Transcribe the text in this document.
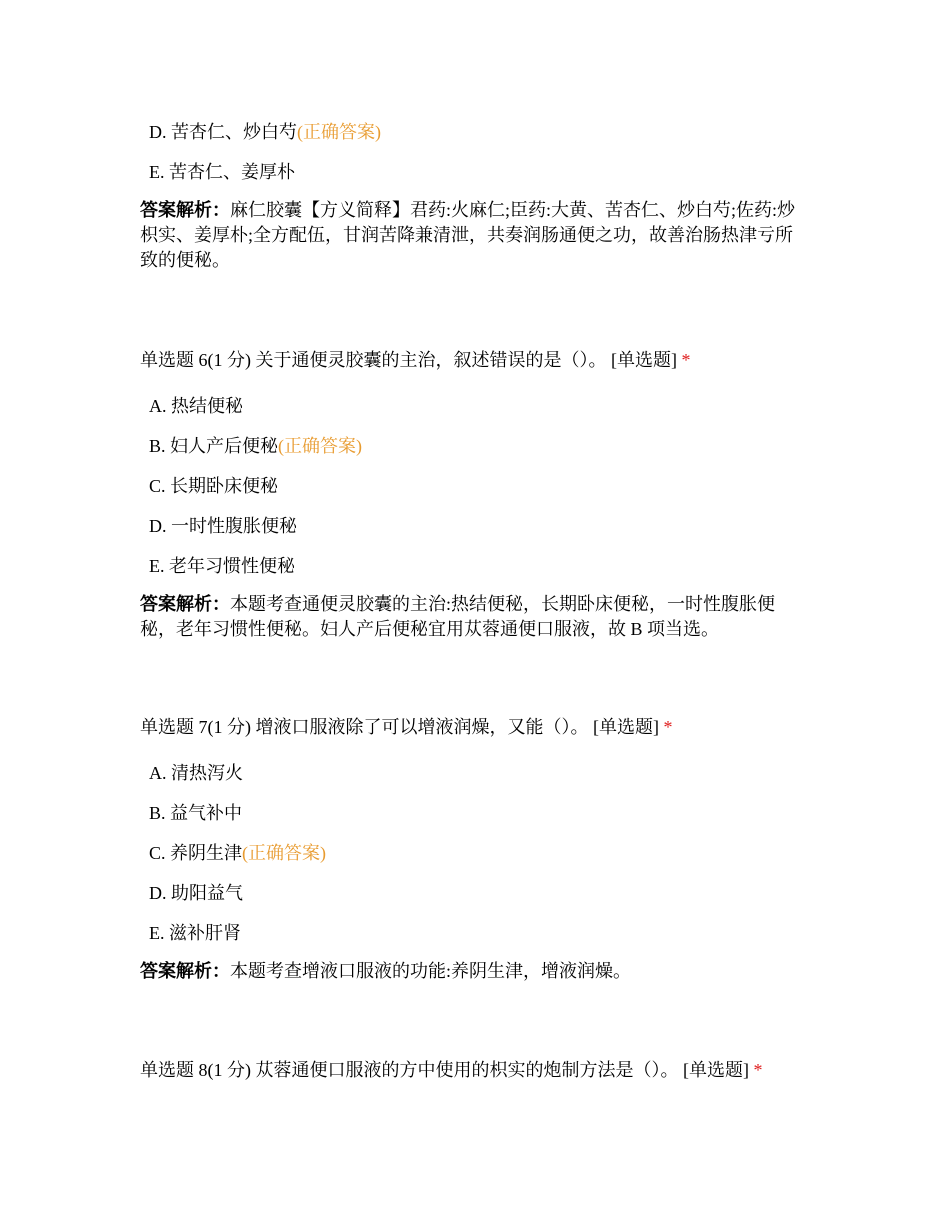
D. 苦杏仁、炒白芍(正确答案)
E. 苦杏仁、姜厚朴
答案解析：麻仁胶囊【方义简释】君药:火麻仁;臣药:大黄、苦杏仁、炒白芍;佐药:炒枳实、姜厚朴;全方配伍，甘润苦降兼清泄，共奏润肠通便之功，故善治肠热津亏所致的便秘。
单选题 6(1 分) 关于通便灵胶囊的主治，叙述错误的是（）。 [单选题] *
A. 热结便秘
B. 妇人产后便秘(正确答案)
C. 长期卧床便秘
D. 一时性腹胀便秘
E. 老年习惯性便秘
答案解析：本题考查通便灵胶囊的主治:热结便秘，长期卧床便秘，一时性腹胀便秘，老年习惯性便秘。妇人产后便秘宜用苁蓉通便口服液，故 B 项当选。
单选题 7(1 分) 增液口服液除了可以增液润燥，又能（）。 [单选题] *
A. 清热泻火
B. 益气补中
C. 养阴生津(正确答案)
D. 助阳益气
E. 滋补肝肾
答案解析：本题考查增液口服液的功能:养阴生津，增液润燥。
单选题 8(1 分) 苁蓉通便口服液的方中使用的枳实的炮制方法是（）。 [单选题] *
